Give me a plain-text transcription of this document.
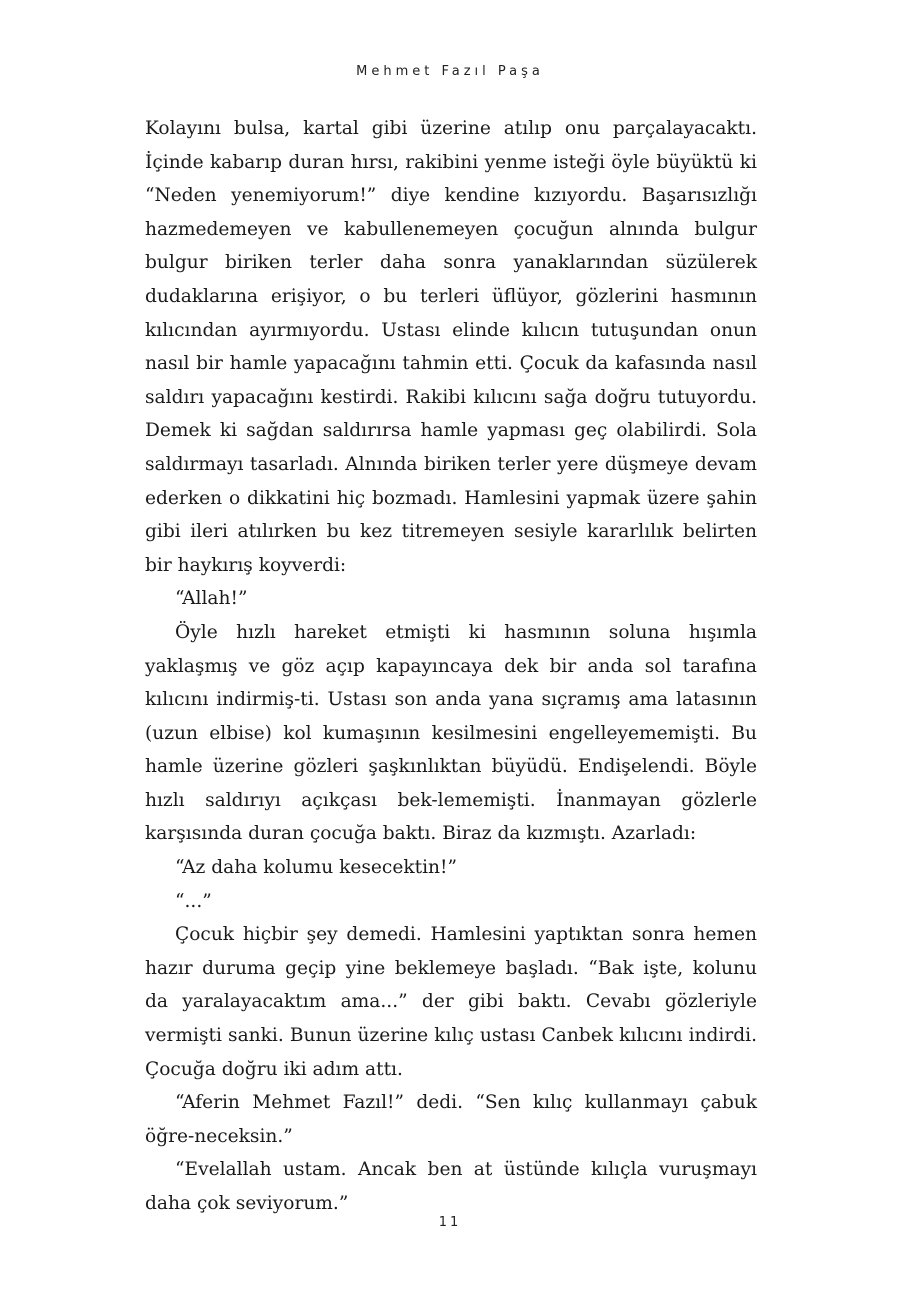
Mehmet Fazıl Paşa

Kolayını bulsa, kartal gibi üzerine atılıp onu parçalayacaktı. İçinde kabarıp duran hırsı, rakibini yenme isteği öyle büyüktü ki “Neden yenemiyorum!” diye kendine kızıyordu. Başarısızlığı hazmedemeyen ve kabullenemeyen çocuğun alnında bulgur bulgur biriken terler daha sonra yanaklarından süzülerek dudaklarına erişiyor, o bu terleri üflüyor, gözlerini hasmının kılıcından ayırmıyordu. Ustası elinde kılıcın tutuşundan onun nasıl bir hamle yapacağını tahmin etti. Çocuk da kafasında nasıl saldırı yapacağını kestirdi. Rakibi kılıcını sağa doğru tutuyordu. Demek ki sağdan saldırırsa hamle yapması geç olabilirdi. Sola saldırmayı tasarladı. Alnında biriken terler yere düşmeye devam ederken o dikkatini hiç bozmadı. Hamlesini yapmak üzere şahin gibi ileri atılırken bu kez titremeyen sesiyle kararlılık belirten bir haykırış koyverdi:

“Allah!”

Öyle hızlı hareket etmişti ki hasmının soluna hışımla yaklaşmış ve göz açıp kapayıncaya dek bir anda sol tarafına kılıcını indirmiş-ti. Ustası son anda yana sıçramış ama latasının (uzun elbise) kol kumaşının kesilmesini engelleyememişti. Bu hamle üzerine gözleri şaşkınlıktan büyüdü. Endişelendi. Böyle hızlı saldırıyı açıkçası bek-lememişti. İnanmayan gözlerle karşısında duran çocuğa baktı. Biraz da kızmıştı. Azarladı:

“Az daha kolumu kesecektin!”

“...”

Çocuk hiçbir şey demedi. Hamlesini yaptıktan sonra hemen hazır duruma geçip yine beklemeye başladı. “Bak işte, kolunu da yaralayacaktım ama...” der gibi baktı. Cevabı gözleriyle vermişti sanki. Bunun üzerine kılıç ustası Canbek kılıcını indirdi. Çocuğa doğru iki adım attı.

“Aferin Mehmet Fazıl!” dedi. “Sen kılıç kullanmayı çabuk öğre-neceksin.”

“Evelallah ustam. Ancak ben at üstünde kılıçla vuruşmayı daha çok seviyorum.”

11
